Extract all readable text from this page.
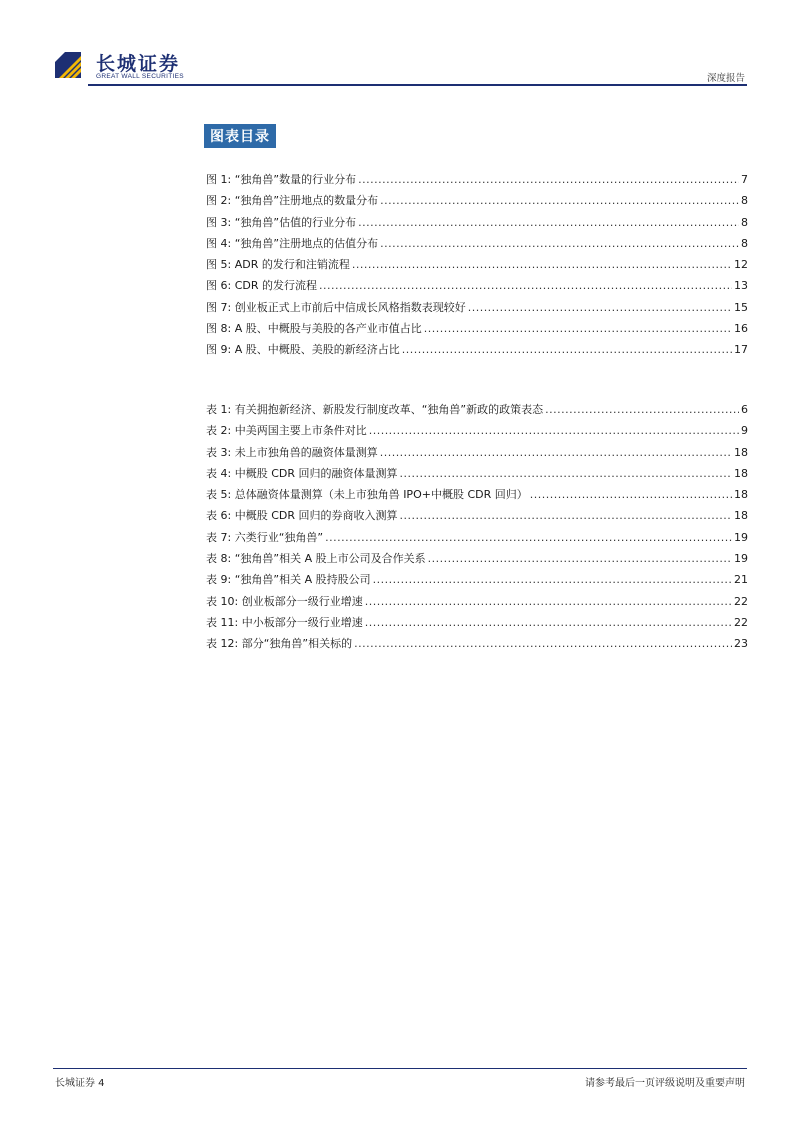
长城证券
GREAT WALL SECURITIES	深度报告
图表目录
图 1: “独角兽”数量的行业分布 .....	7
图 2: “独角兽”注册地点的数量分布 .....	8
图 3: “独角兽”估值的行业分布 .....	8
图 4: “独角兽”注册地点的估值分布 .....	8
图 5: ADR 的发行和注销流程 .....	12
图 6: CDR 的发行流程 .....	13
图 7: 创业板正式上市前后中信成长风格指数表现较好 .....	15
图 8: A 股、中概股与美股的各产业市值占比 .....	16
图 9: A 股、中概股、美股的新经济占比 .....	17
表 1: 有关拥抱新经济、新股发行制度改革、“独角兽”新政的政策表态 .....	6
表 2: 中美两国主要上市条件对比 .....	9
表 3: 未上市独角兽的融资体量测算 .....	18
表 4: 中概股 CDR 回归的融资体量测算 .....	18
表 5: 总体融资体量测算（未上市独角兽 IPO+中概股 CDR 回归） .....	18
表 6: 中概股 CDR 回归的券商收入测算 .....	18
表 7: 六类行业“独角兽” .....	19
表 8: “独角兽”相关 A 股上市公司及合作关系 .....	19
表 9: “独角兽”相关 A 股持股公司 .....	21
表 10: 创业板部分一级行业增速 .....	22
表 11: 中小板部分一级行业增速 .....	22
表 12: 部分“独角兽”相关标的 .....	23
长城证券 4	请参考最后一页评级说明及重要声明
